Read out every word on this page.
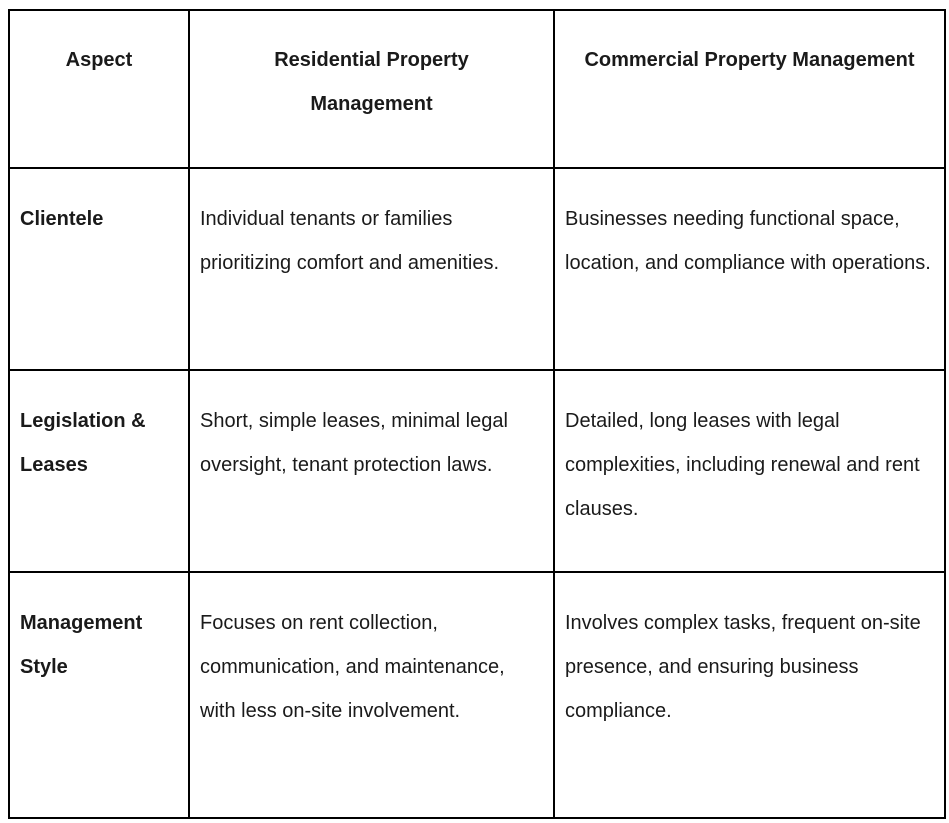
Aspect	Residential Property Management	Commercial Property Management
Clientele	Individual tenants or families prioritizing comfort and amenities.	Businesses needing functional space, location, and compliance with operations.
Legislation & Leases	Short, simple leases, minimal legal oversight, tenant protection laws.	Detailed, long leases with legal complexities, including renewal and rent clauses.
Management Style	Focuses on rent collection, communication, and maintenance, with less on-site involvement.	Involves complex tasks, frequent on-site presence, and ensuring business compliance.
